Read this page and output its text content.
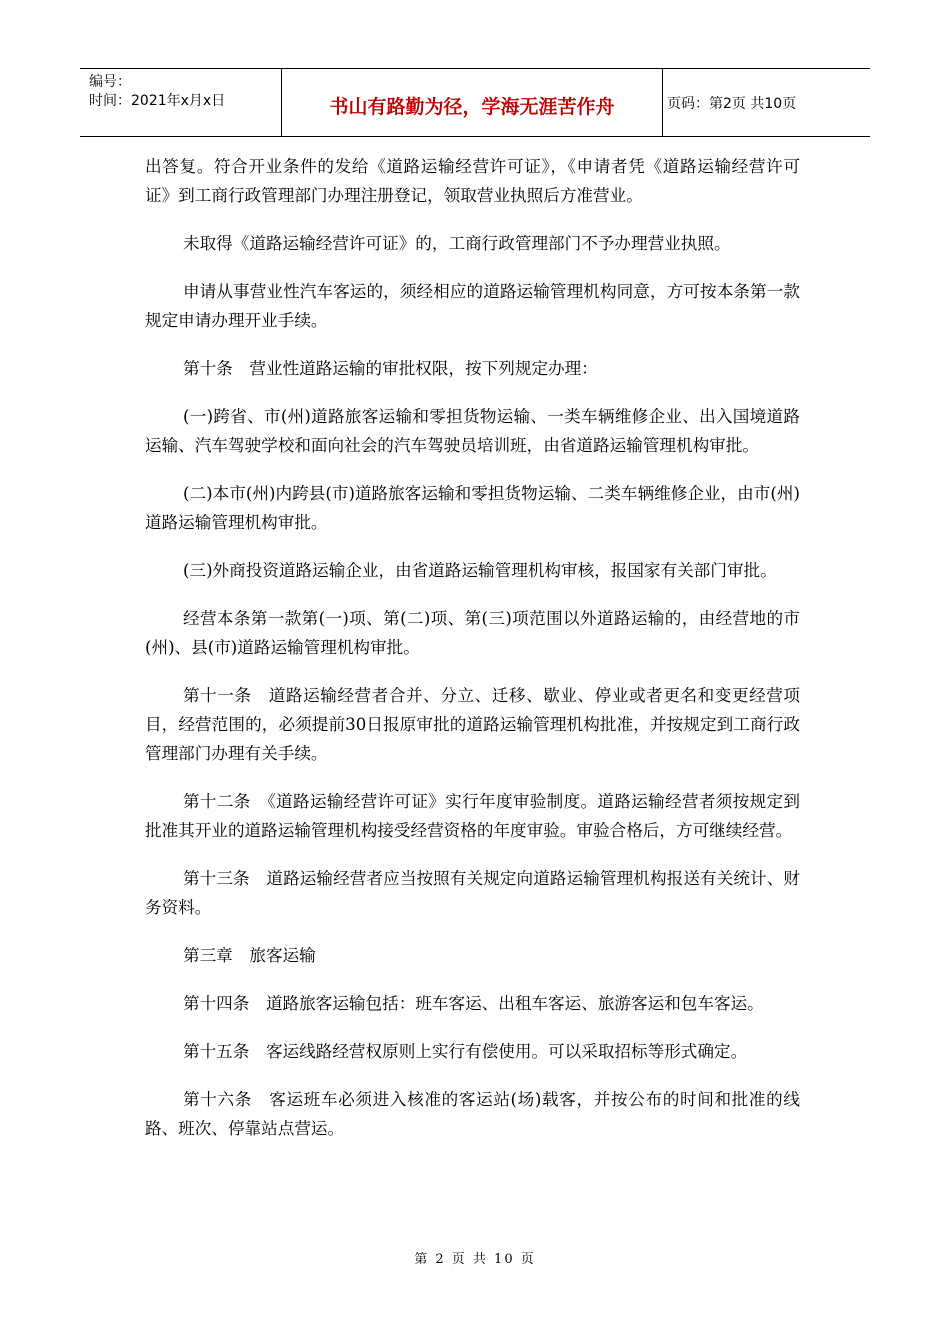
编号：
时间：2021年x月x日	书山有路勤为径，学海无涯苦作舟	页码：第2页 共10页

出答复。符合开业条件的发给《道路运输经营许可证》，《申请者凭《道路运输经营许可证》到工商行政管理部门办理注册登记，领取营业执照后方准营业。

未取得《道路运输经营许可证》的，工商行政管理部门不予办理营业执照。

申请从事营业性汽车客运的，须经相应的道路运输管理机构同意，方可按本条第一款规定申请办理开业手续。

第十条　营业性道路运输的审批权限，按下列规定办理：

(一)跨省、市(州)道路旅客运输和零担货物运输、一类车辆维修企业、出入国境道路运输、汽车驾驶学校和面向社会的汽车驾驶员培训班，由省道路运输管理机构审批。

(二)本市(州)内跨县(市)道路旅客运输和零担货物运输、二类车辆维修企业，由市(州)道路运输管理机构审批。

(三)外商投资道路运输企业，由省道路运输管理机构审核，报国家有关部门审批。

经营本条第一款第(一)项、第(二)项、第(三)项范围以外道路运输的，由经营地的市(州)、县(市)道路运输管理机构审批。

第十一条　道路运输经营者合并、分立、迁移、歇业、停业或者更名和变更经营项目，经营范围的，必须提前30日报原审批的道路运输管理机构批准，并按规定到工商行政管理部门办理有关手续。

第十二条　《道路运输经营许可证》实行年度审验制度。道路运输经营者须按规定到批准其开业的道路运输管理机构接受经营资格的年度审验。审验合格后，方可继续经营。

第十三条　道路运输经营者应当按照有关规定向道路运输管理机构报送有关统计、财务资料。

第三章　旅客运输

第十四条　道路旅客运输包括：班车客运、出租车客运、旅游客运和包车客运。

第十五条　客运线路经营权原则上实行有偿使用。可以采取招标等形式确定。

第十六条　客运班车必须进入核准的客运站(场)载客，并按公布的时间和批准的线路、班次、停靠站点营运。

第 2 页 共 10 页
